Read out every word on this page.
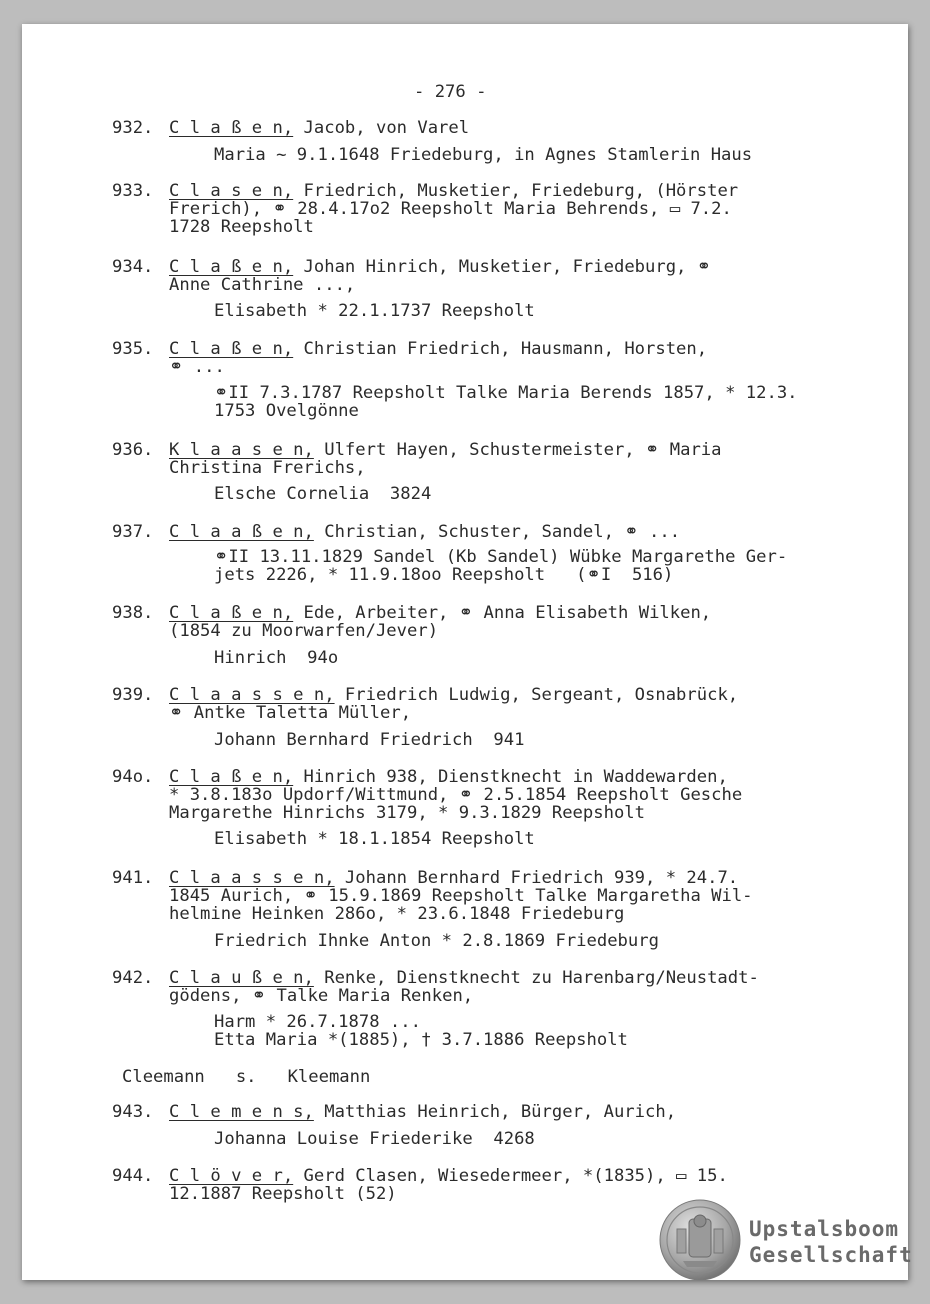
- 276 -
932. C l a ß e n, Jacob, von Varel
Maria ~ 9.1.1648 Friedeburg, in Agnes Stamlerin Haus
933. C l a s e n, Friedrich, Musketier, Friedeburg, (Hörster
Frerich), ⚭ 28.4.17o2 Reepsholt Maria Behrends, ▭ 7.2.
1728 Reepsholt
934. C l a ß e n, Johan Hinrich, Musketier, Friedeburg, ⚭
Anne Cathrine ...,
Elisabeth * 22.1.1737 Reepsholt
935. C l a ß e n, Christian Friedrich, Hausmann, Horsten,
⚭ ...
⚭II 7.3.1787 Reepsholt Talke Maria Berends 1857, * 12.3.
1753 Ovelgönne
936. K l a a s e n, Ulfert Hayen, Schustermeister, ⚭ Maria
Christina Frerichs,
Elsche Cornelia  3824
937. C l a a ß e n, Christian, Schuster, Sandel, ⚭ ...
⚭II 13.11.1829 Sandel (Kb Sandel) Wübke Margarethe Ger-
jets 2226, * 11.9.18oo Reepsholt   (⚭I  516)
938. C l a ß e n, Ede, Arbeiter, ⚭ Anna Elisabeth Wilken,
(1854 zu Moorwarfen/Jever)
Hinrich  94o
939. C l a a s s e n, Friedrich Ludwig, Sergeant, Osnabrück,
⚭ Antke Taletta Müller,
Johann Bernhard Friedrich  941
94o. C l a ß e n, Hinrich 938, Dienstknecht in Waddewarden,
* 3.8.183o Updorf/Wittmund, ⚭ 2.5.1854 Reepsholt Gesche
Margarethe Hinrichs 3179, * 9.3.1829 Reepsholt
Elisabeth * 18.1.1854 Reepsholt
941. C l a a s s e n, Johann Bernhard Friedrich 939, * 24.7.
1845 Aurich, ⚭ 15.9.1869 Reepsholt Talke Margaretha Wil-
helmine Heinken 286o, * 23.6.1848 Friedeburg
Friedrich Ihnke Anton * 2.8.1869 Friedeburg
942. C l a u ß e n, Renke, Dienstknecht zu Harenbarg/Neustadt-
gödens, ⚭ Talke Maria Renken,
Harm * 26.7.1878 ...
Etta Maria *(1885), † 3.7.1886 Reepsholt
Cleemann   s.   Kleemann
943. C l e m e n s, Matthias Heinrich, Bürger, Aurich,
Johanna Louise Friederike  4268
944. C l ö v e r, Gerd Clasen, Wiesedermeer, *(1835), ▭ 15.
12.1887 Reepsholt (52)
Upstalsboom
Gesellschaft
